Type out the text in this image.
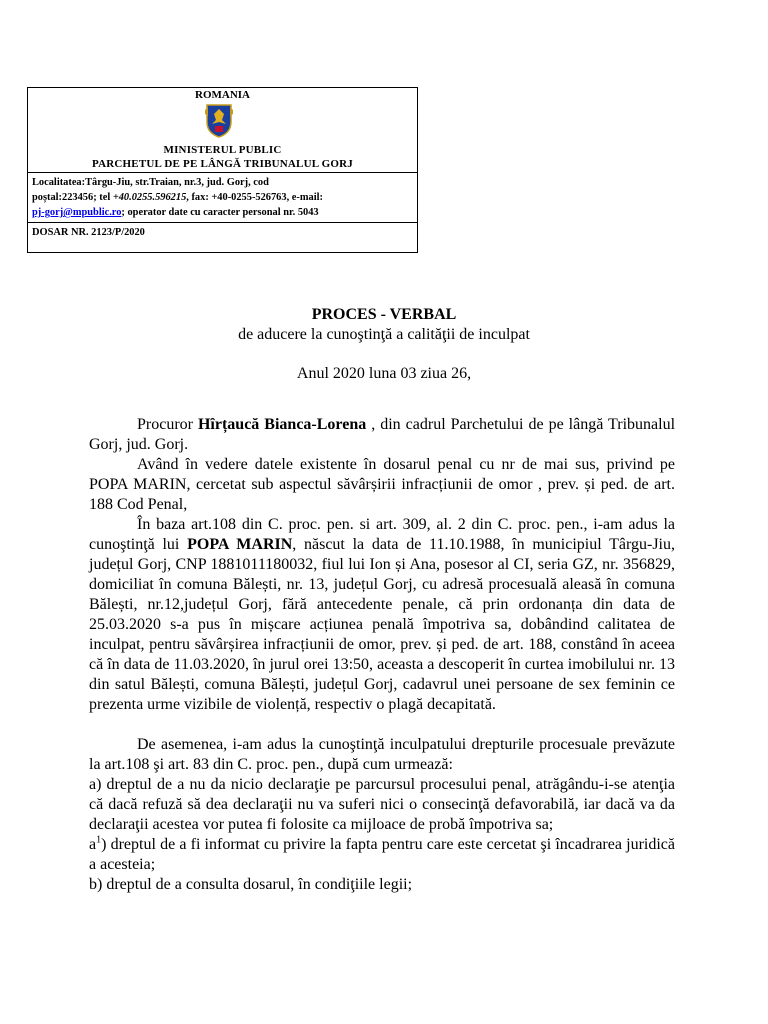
ROMANIA
MINISTERUL PUBLIC
PARCHETUL DE PE LÂNGĂ TRIBUNALUL GORJ
Localitatea:Târgu-Jiu, str.Traian, nr.3, jud. Gorj, cod
poștal:223456; tel +40.0255.596215, fax: +40-0255-526763, e-mail:
pj-gorj@mpublic.ro; operator date cu caracter personal nr. 5043
DOSAR NR. 2123/P/2020
PROCES - VERBAL
de aducere la cunoştinţă a calităţii de inculpat
Anul 2020 luna 03 ziua 26,

Procuror Hîrțaucă Bianca-Lorena , din cadrul Parchetului de pe lângă Tribunalul Gorj, jud. Gorj.

Având în vedere datele existente în dosarul penal cu nr de mai sus, privind pe POPA MARIN, cercetat sub aspectul săvârșirii infracțiunii de omor , prev. și ped. de art. 188 Cod Penal,

În baza art.108 din C. proc. pen. si art. 309, al. 2 din C. proc. pen., i-am adus la cunoştinţă lui POPA MARIN, născut la data de 11.10.1988, în municipiul Târgu-Jiu, județul Gorj, CNP 1881011180032, fiul lui Ion și Ana, posesor al CI, seria GZ, nr. 356829, domiciliat în comuna Bălești, nr. 13, județul Gorj, cu adresă procesuală aleasă în comuna Bălești, nr.12,județul Gorj, fără antecedente penale, că prin ordonanța din data de 25.03.2020 s-a pus în mișcare acțiunea penală împotriva sa, dobândind calitatea de inculpat, pentru săvârșirea infracțiunii de omor, prev. și ped. de art. 188, constând în aceea că în data de 11.03.2020, în jurul orei 13:50, aceasta a descoperit în curtea imobilului nr. 13 din satul Bălești, comuna Bălești, județul Gorj, cadavrul unei persoane de sex feminin ce prezenta urme vizibile de violență, respectiv o plagă decapitată.

De asemenea, i-am adus la cunoştinţă inculpatului drepturile procesuale prevăzute la art.108 şi art. 83 din C. proc. pen., după cum urmează:

a) dreptul de a nu da nicio declaraţie pe parcursul procesului penal, atrăgându-i-se atenţia că dacă refuză să dea declaraţii nu va suferi nici o consecinţă defavorabilă, iar dacă va da declaraţii acestea vor putea fi folosite ca mijloace de probă împotriva sa;

$a^1$) dreptul de a fi informat cu privire la fapta pentru care este cercetat şi încadrarea juridică a acesteia;

b) dreptul de a consulta dosarul, în condiţiile legii;
